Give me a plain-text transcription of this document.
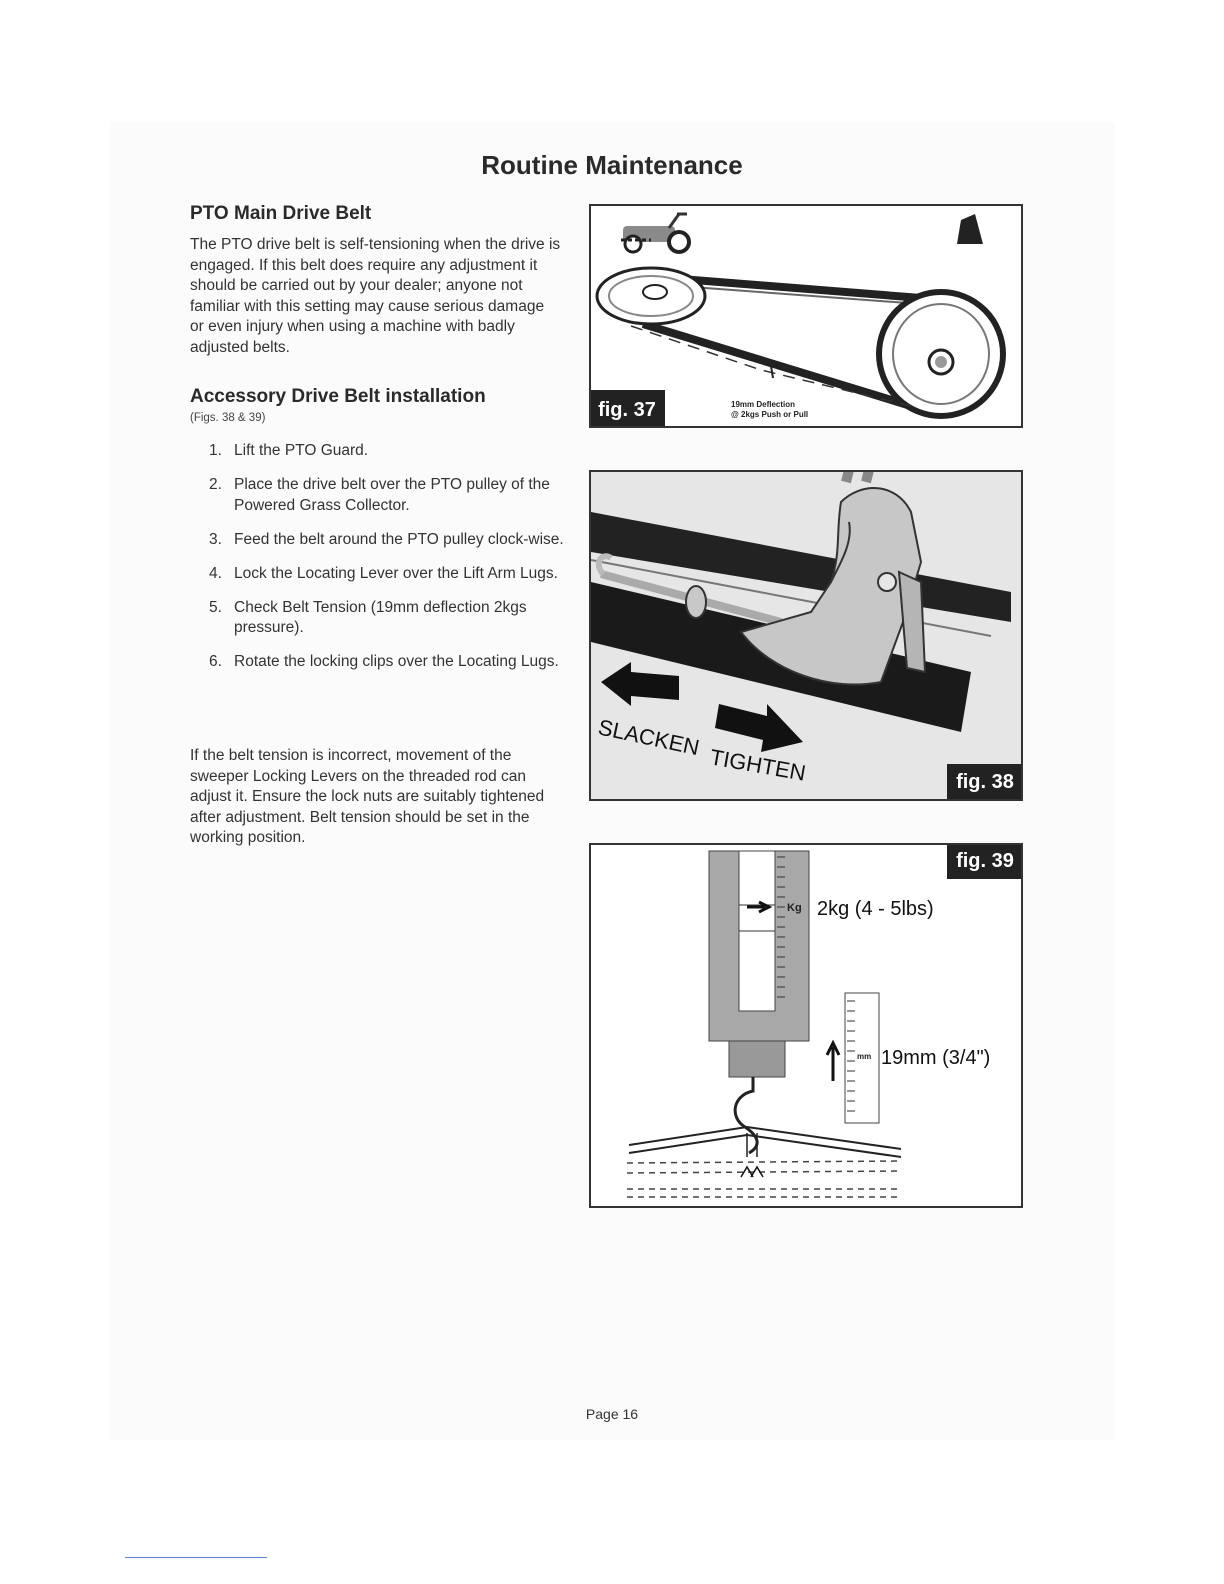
Routine Maintenance
PTO Main Drive Belt

The PTO drive belt is self-tensioning when the drive is engaged. If this belt does require any adjustment it should be carried out by your dealer; anyone not familiar with this setting may cause serious damage or even injury when using a machine with badly adjusted belts.

Accessory Drive Belt installation

(Figs. 38 & 39)

1. Lift the PTO Guard.
2. Place the drive belt over the PTO pulley of the Powered Grass Collector.
3. Feed the belt around the PTO pulley clock-wise.
4. Lock the Locating Lever over the Lift Arm Lugs.
5. Check Belt Tension (19mm deflection 2kgs pressure).
6. Rotate the locking clips over the Locating Lugs.

If the belt tension is incorrect, movement of the sweeper Locking Levers on the threaded rod can adjust it. Ensure the lock nuts are suitably tightened after adjustment. Belt tension should be set in the working position.

19mm Deflection
@ 2kgs Push or Pull
fig. 37
SLACKEN
TIGHTEN	fig. 38
Kg 2kg (4 - 5lbs)
mm 19mm (3/4")
fig. 39
Page 16
